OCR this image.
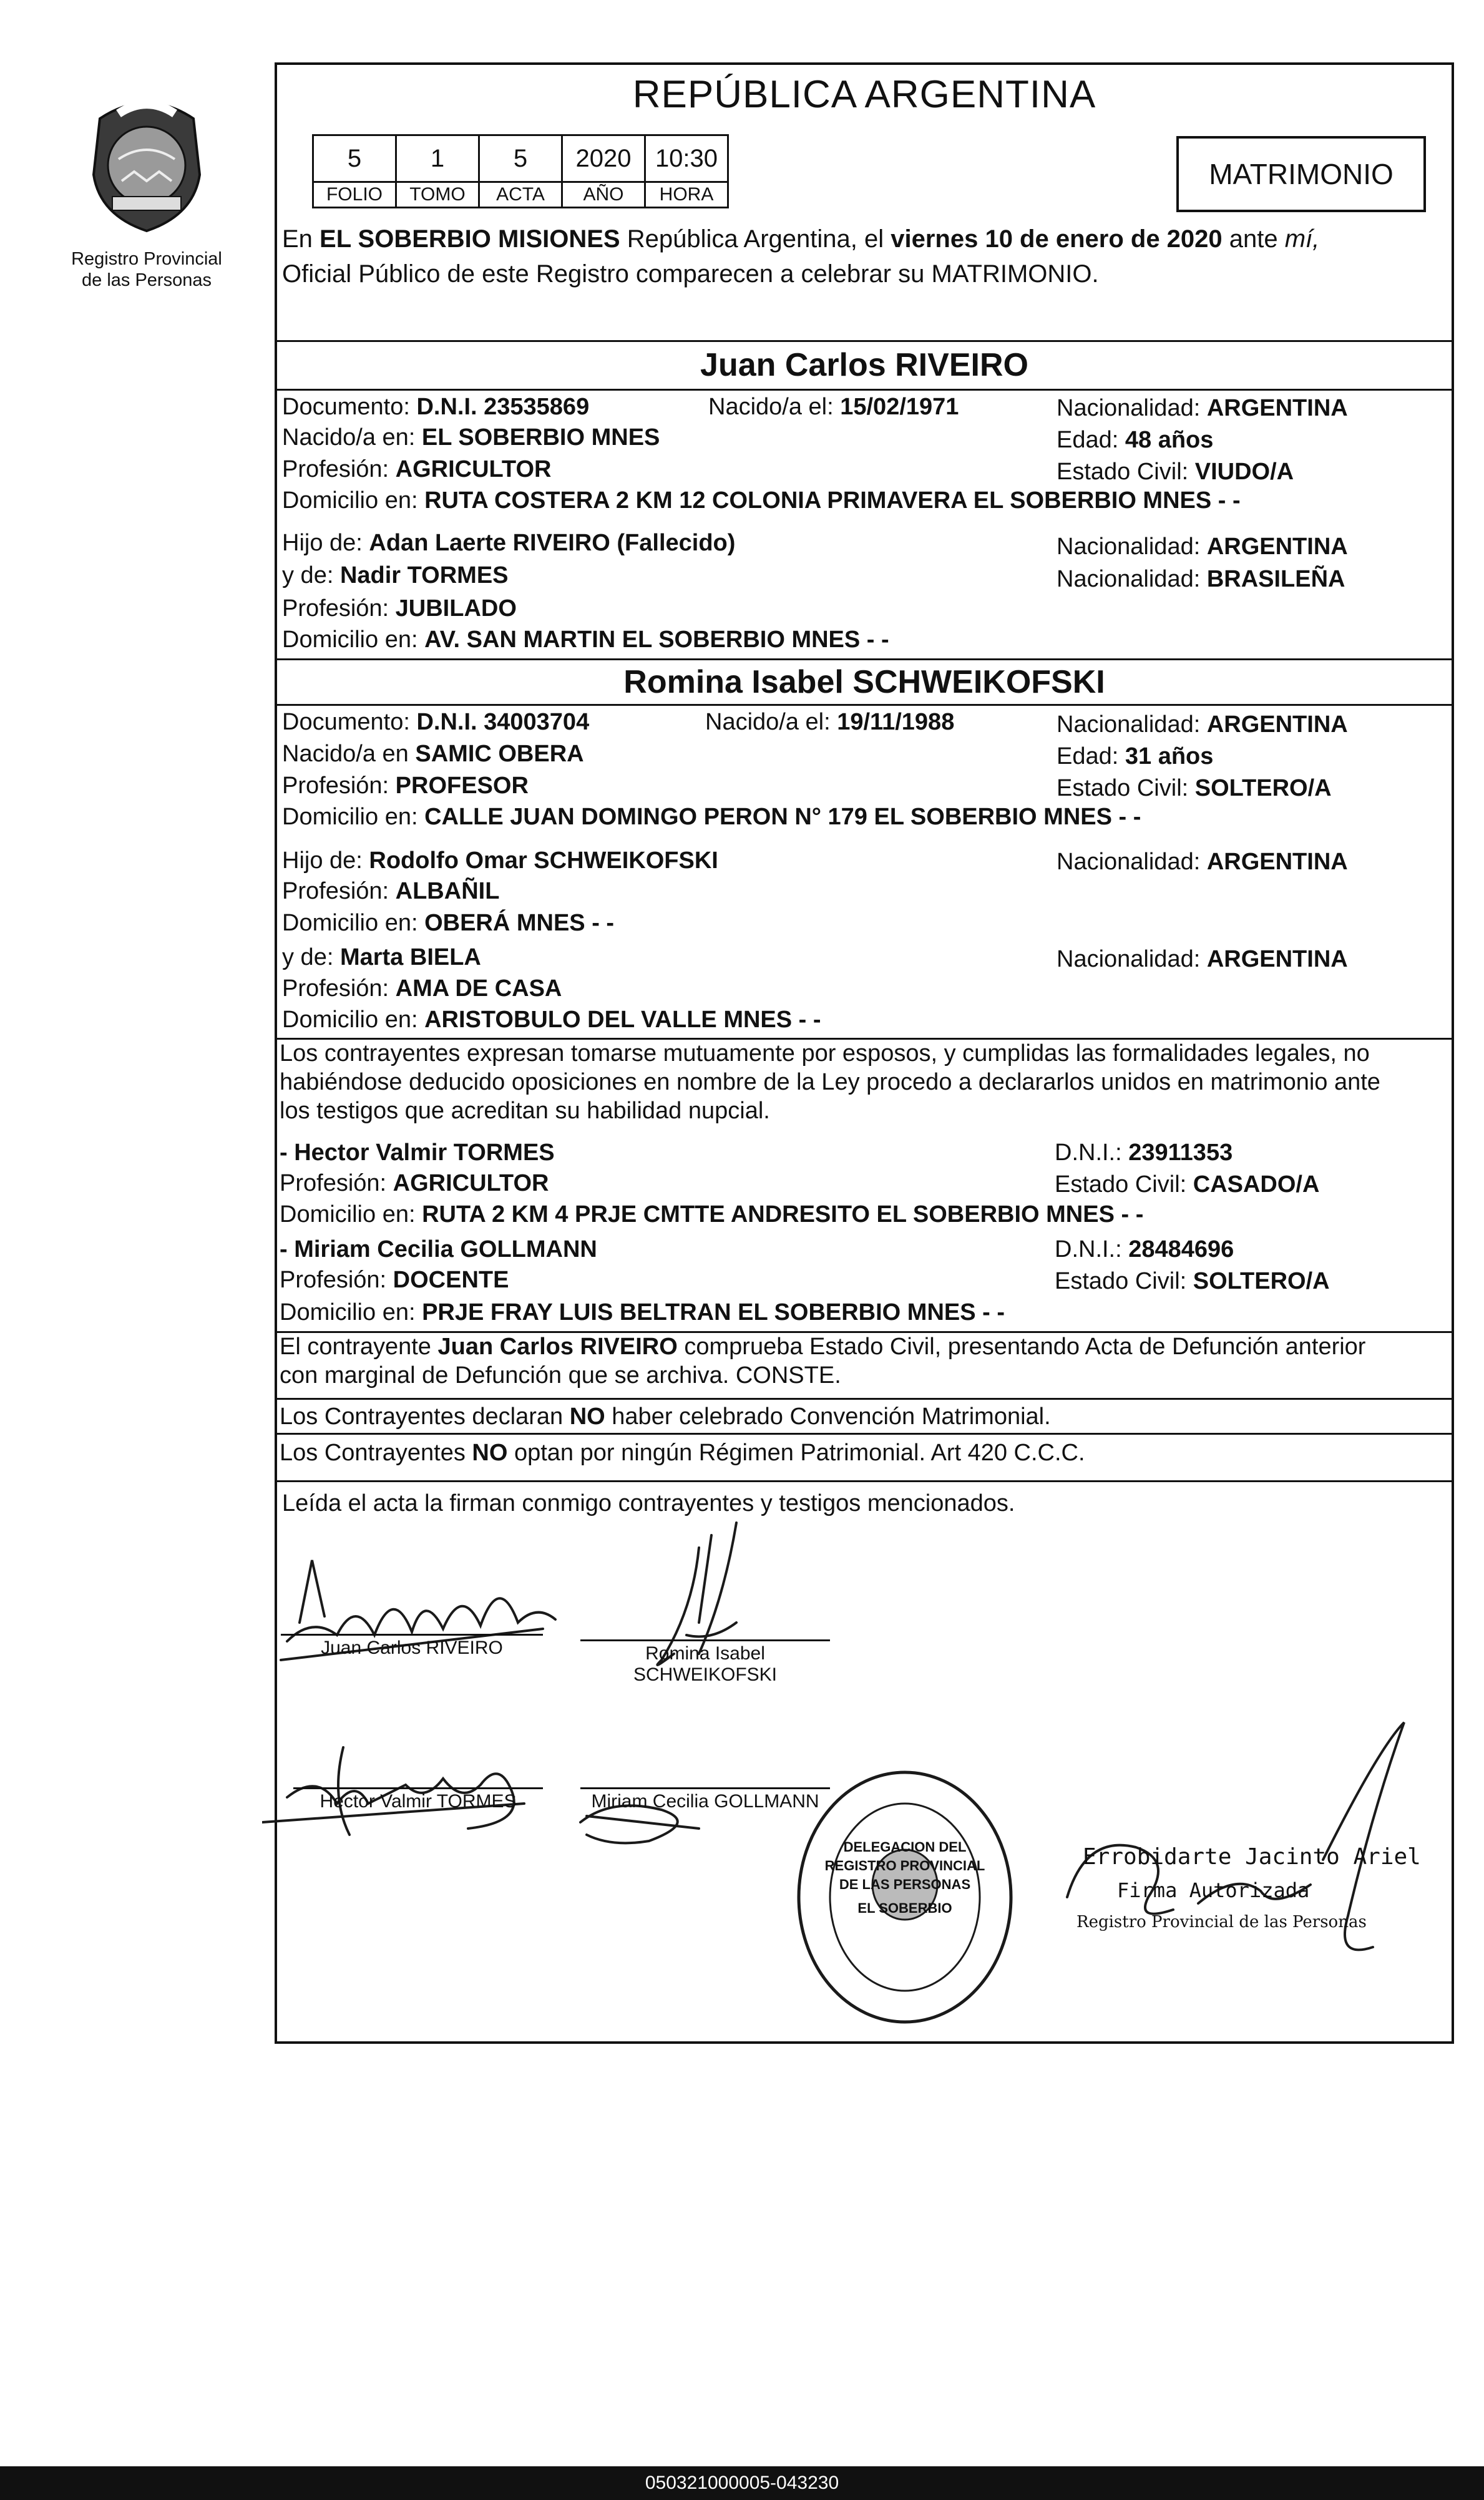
Registro Provincial
de las Personas
REPÚBLICA ARGENTINA
5	1	5	2020	10:30
FOLIO	TOMO	ACTA	AÑO	HORA
MATRIMONIO
En EL SOBERBIO MISIONES República Argentina, el viernes 10 de enero de 2020 ante mí,
Oficial Público de este Registro comparecen a celebrar su MATRIMONIO.
Juan Carlos RIVEIRO
Documento: D.N.I. 23535869	Nacido/a el: 15/02/1971	Nacionalidad: ARGENTINA
Nacido/a en: EL SOBERBIO MNES	Edad: 48 años
Profesión: AGRICULTOR	Estado Civil: VIUDO/A
Domicilio en: RUTA COSTERA 2 KM 12 COLONIA PRIMAVERA EL SOBERBIO MNES - -
Hijo de: Adan Laerte RIVEIRO (Fallecido)	Nacionalidad: ARGENTINA
y de: Nadir TORMES	Nacionalidad: BRASILEÑA
Profesión: JUBILADO
Domicilio en: AV. SAN MARTIN EL SOBERBIO MNES - -
Romina Isabel SCHWEIKOFSKI
Documento: D.N.I. 34003704	Nacido/a el: 19/11/1988	Nacionalidad: ARGENTINA
Nacido/a en SAMIC OBERA	Edad: 31 años
Profesión: PROFESOR	Estado Civil: SOLTERO/A
Domicilio en: CALLE JUAN DOMINGO PERON N° 179 EL SOBERBIO MNES - -
Hijo de: Rodolfo Omar SCHWEIKOFSKI	Nacionalidad: ARGENTINA
Profesión: ALBAÑIL
Domicilio en: OBERÁ MNES - -
y de: Marta BIELA	Nacionalidad: ARGENTINA
Profesión: AMA DE CASA
Domicilio en: ARISTOBULO DEL VALLE MNES - -
Los contrayentes expresan tomarse mutuamente por esposos, y cumplidas las formalidades legales, no
habiéndose deducido oposiciones en nombre de la Ley procedo a declararlos unidos en matrimonio ante
los testigos que acreditan su habilidad nupcial.
- Hector Valmir TORMES	D.N.I.: 23911353
Profesión: AGRICULTOR	Estado Civil: CASADO/A
Domicilio en: RUTA 2 KM 4 PRJE CMTTE ANDRESITO EL SOBERBIO MNES - -
- Miriam Cecilia GOLLMANN	D.N.I.: 28484696
Profesión: DOCENTE	Estado Civil: SOLTERO/A
Domicilio en: PRJE FRAY LUIS BELTRAN EL SOBERBIO MNES - -
El contrayente Juan Carlos RIVEIRO comprueba Estado Civil, presentando Acta de Defunción anterior
con marginal de Defunción que se archiva. CONSTE.
Los Contrayentes declaran NO haber celebrado Convención Matrimonial.
Los Contrayentes NO optan por ningún Régimen Patrimonial. Art 420 C.C.C.
Leída el acta la firman conmigo contrayentes y testigos mencionados.
Juan Carlos RIVEIRO	Romina Isabel
SCHWEIKOFSKI
Hector Valmir TORMES	Miriam Cecilia GOLLMANN
DELEGACION DEL REGISTRO PROVINCIAL DE LAS PERSONAS
EL SOBERBIO
Errobidarte Jacinto Ariel
Firma Autorizada
Registro Provincial de las Personas
050321000005-043230
